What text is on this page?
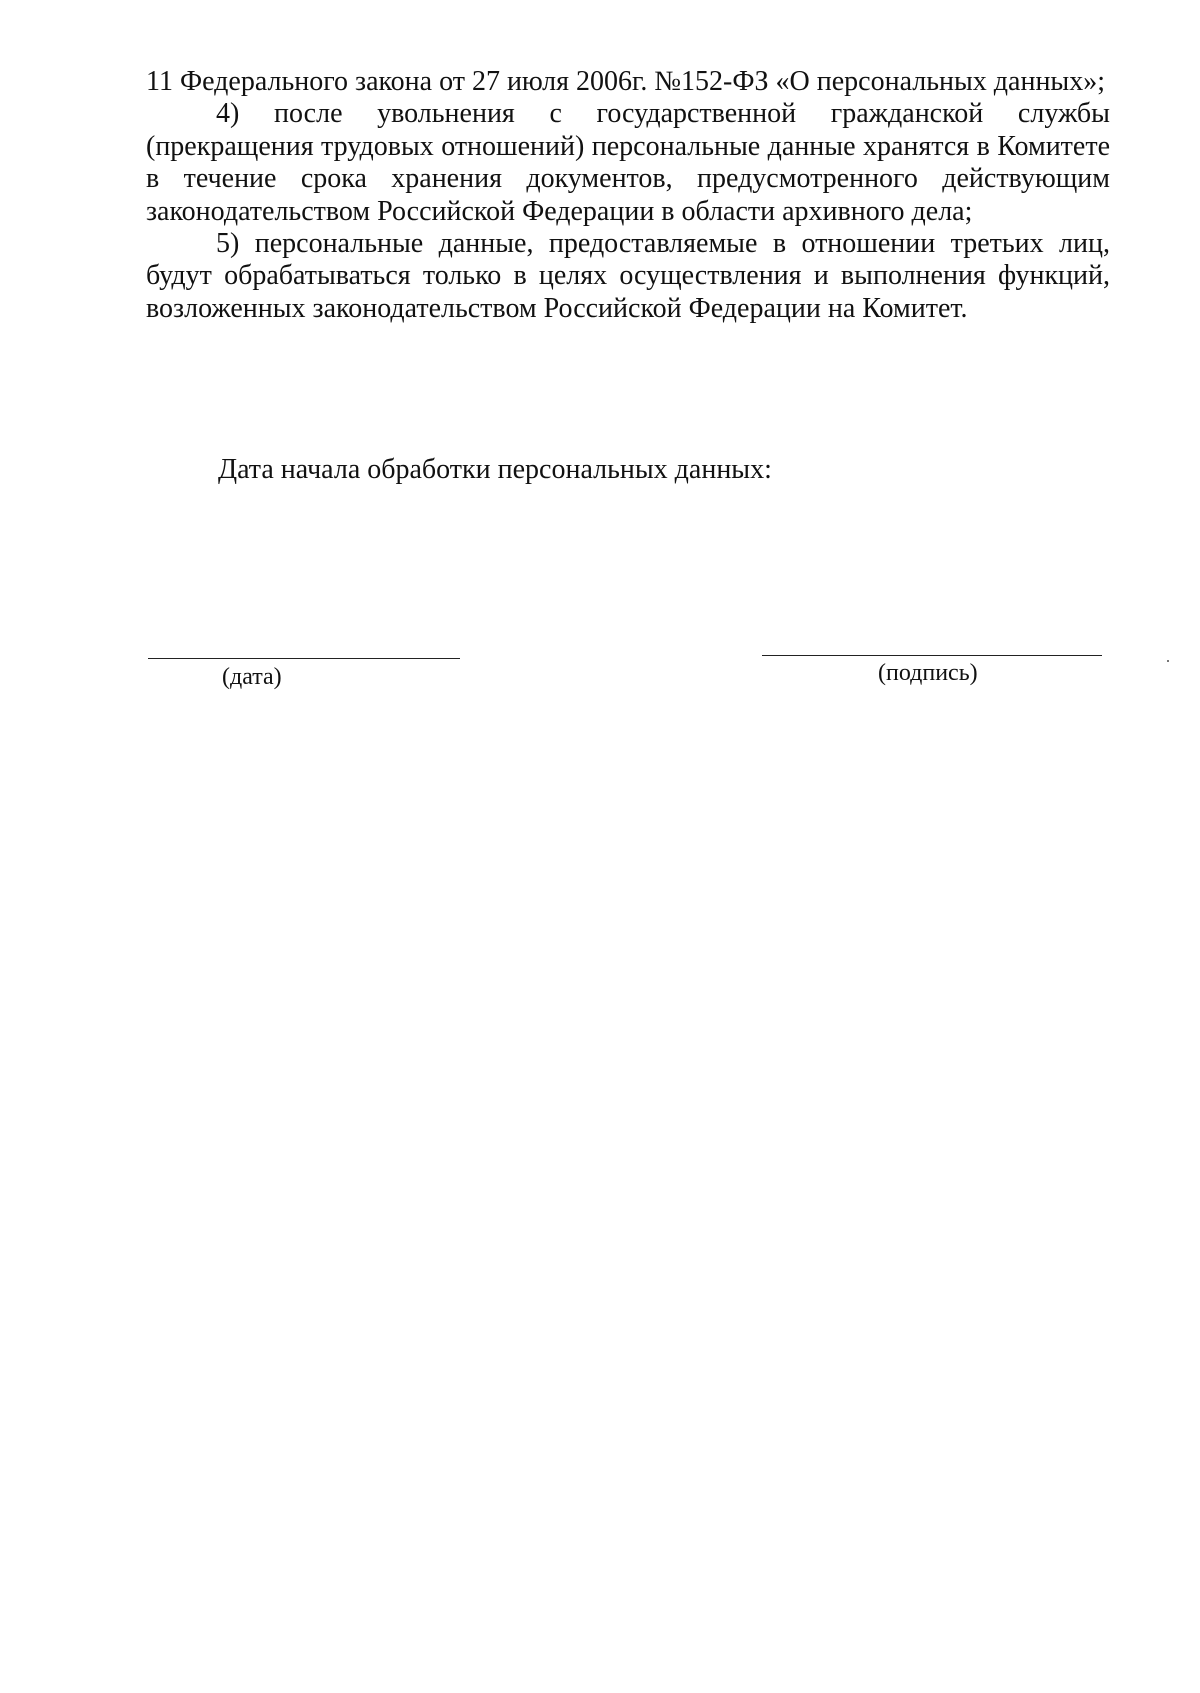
11 Федерального закона от 27 июля 2006г. №152-ФЗ «О персональных данных»;

4) после увольнения с государственной гражданской службы (прекращения трудовых отношений) персональные данные хранятся в Комитете в течение срока хранения документов, предусмотренного действующим законодательством Российской Федерации в области архивного дела;

5) персональные данные, предоставляемые в отношении третьих лиц, будут обрабатываться только в целях осуществления и выполнения функций, возложенных законодательством Российской Федерации на Комитет.

Дата начала обработки персональных данных:
(дата)	(подпись)
